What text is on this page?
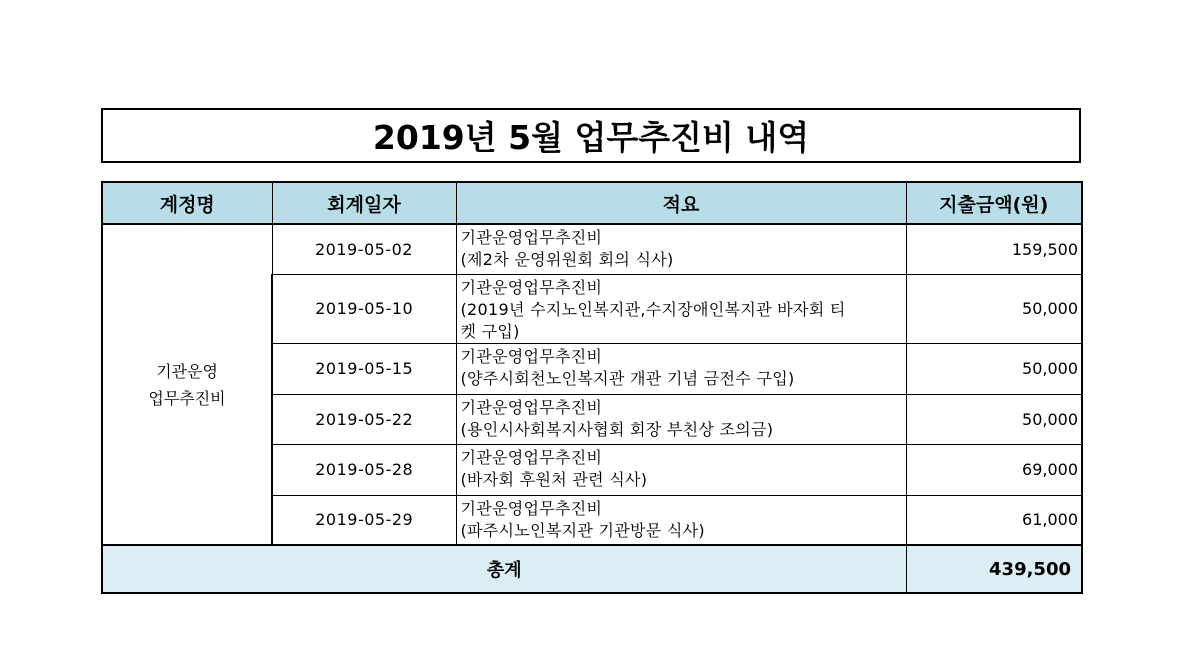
2019년 5월 업무추진비 내역
계정명	회계일자	적요	지출금액(원)

기관운영
업무추진비	2019-05-02	기관운영업무추진비
(제2차 운영위원회 회의 식사)	159,500
	2019-05-10	기관운영업무추진비
(2019년 수지노인복지관,수지장애인복지관 바자회 티
켓 구입)	50,000
	2019-05-15	기관운영업무추진비
(양주시회천노인복지관 개관 기념 금전수 구입)	50,000
	2019-05-22	기관운영업무추진비
(용인시사회복지사협회 회장 부친상 조의금)	50,000
	2019-05-28	기관운영업무추진비
(바자회 후원처 관련 식사)	69,000
	2019-05-29	기관운영업무추진비
(파주시노인복지관 기관방문 식사)	61,000
총계			439,500
